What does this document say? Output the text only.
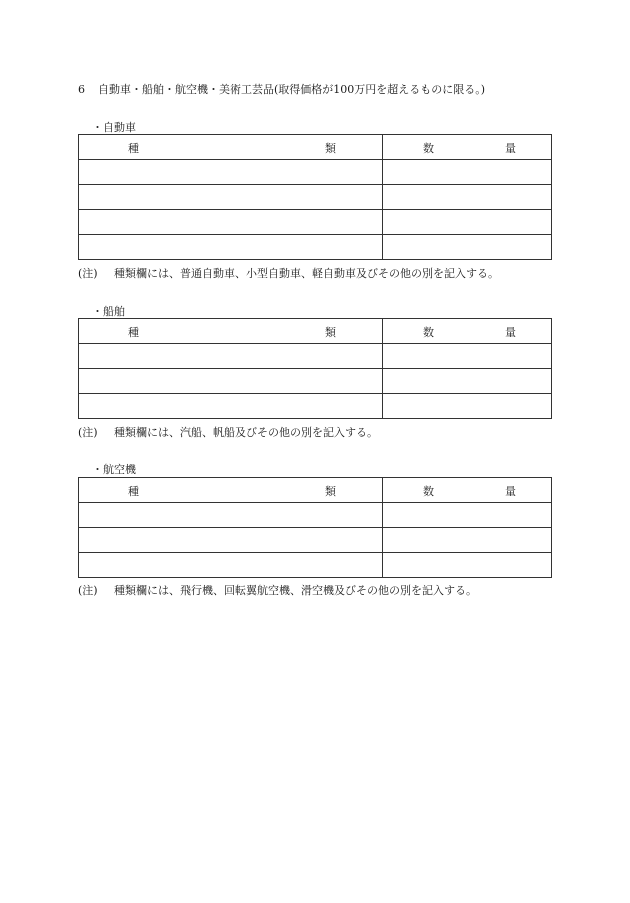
6 自動車・船舶・航空機・美術工芸品(取得価格が100万円を超えるものに限る。)
・自動車
種 類	数 量

(注) 種類欄には、普通自動車、小型自動車、軽自動車及びその他の別を記入する。
・船舶
種 類	数 量

(注) 種類欄には、汽船、帆船及びその他の別を記入する。
・航空機
種 類	数 量

(注) 種類欄には、飛行機、回転翼航空機、滑空機及びその他の別を記入する。
